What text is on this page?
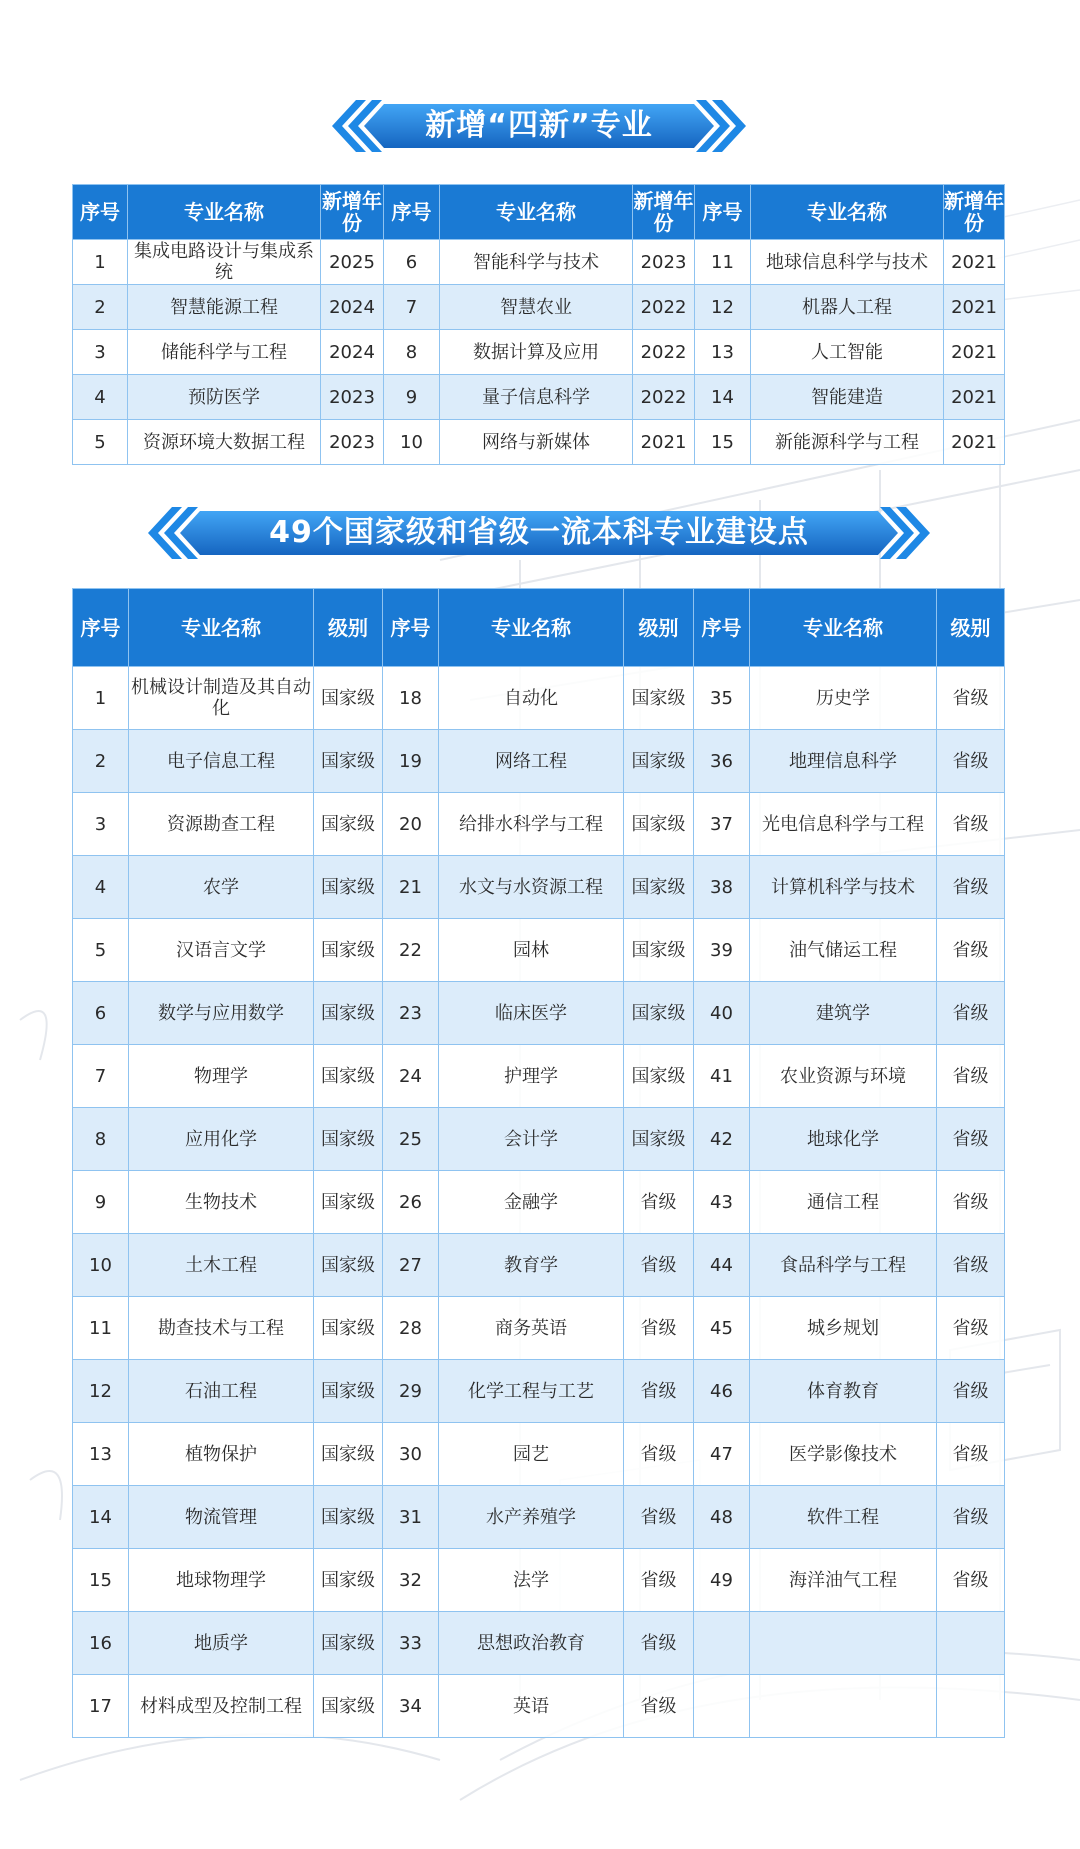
新增“四新”专业
序号	专业名称	新增年份	序号	专业名称	新增年份	序号	专业名称	新增年份
1	集成电路设计与集成系统	2025	6	智能科学与技术	2023	11	地球信息科学与技术	2021
2	智慧能源工程	2024	7	智慧农业	2022	12	机器人工程	2021
3	储能科学与工程	2024	8	数据计算及应用	2022	13	人工智能	2021
4	预防医学	2023	9	量子信息科学	2022	14	智能建造	2021
5	资源环境大数据工程	2023	10	网络与新媒体	2021	15	新能源科学与工程	2021
49个国家级和省级一流本科专业建设点
序号	专业名称	级别	序号	专业名称	级别	序号	专业名称	级别
1	机械设计制造及其自动化	国家级	18	自动化	国家级	35	历史学	省级
2	电子信息工程	国家级	19	网络工程	国家级	36	地理信息科学	省级
3	资源勘查工程	国家级	20	给排水科学与工程	国家级	37	光电信息科学与工程	省级
4	农学	国家级	21	水文与水资源工程	国家级	38	计算机科学与技术	省级
5	汉语言文学	国家级	22	园林	国家级	39	油气储运工程	省级
6	数学与应用数学	国家级	23	临床医学	国家级	40	建筑学	省级
7	物理学	国家级	24	护理学	国家级	41	农业资源与环境	省级
8	应用化学	国家级	25	会计学	国家级	42	地球化学	省级
9	生物技术	国家级	26	金融学	省级	43	通信工程	省级
10	土木工程	国家级	27	教育学	省级	44	食品科学与工程	省级
11	勘查技术与工程	国家级	28	商务英语	省级	45	城乡规划	省级
12	石油工程	国家级	29	化学工程与工艺	省级	46	体育教育	省级
13	植物保护	国家级	30	园艺	省级	47	医学影像技术	省级
14	物流管理	国家级	31	水产养殖学	省级	48	软件工程	省级
15	地球物理学	国家级	32	法学	省级	49	海洋油气工程	省级
16	地质学	国家级	33	思想政治教育	省级			
17	材料成型及控制工程	国家级	34	英语	省级			
